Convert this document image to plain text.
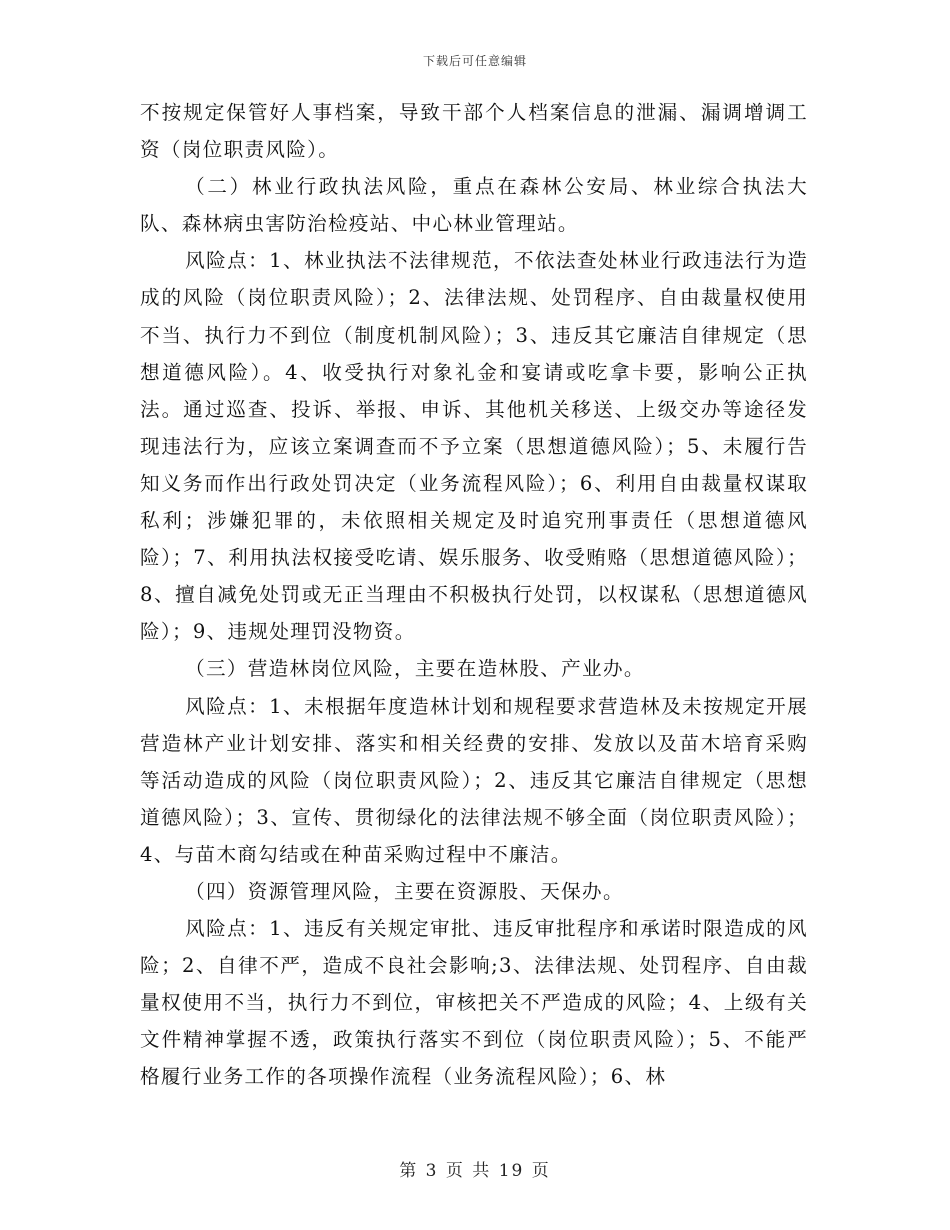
下载后可任意编辑

不按规定保管好人事档案，导致干部个人档案信息的泄漏、漏调增调工资（岗位职责风险）。

（二）林业行政执法风险，重点在森林公安局、林业综合执法大队、森林病虫害防治检疫站、中心林业管理站。

风险点：1、林业执法不法律规范，不依法查处林业行政违法行为造成的风险（岗位职责风险）；2、法律法规、处罚程序、自由裁量权使用不当、执行力不到位（制度机制风险）；3、违反其它廉洁自律规定（思想道德风险）。4、收受执行对象礼金和宴请或吃拿卡要，影响公正执法。通过巡查、投诉、举报、申诉、其他机关移送、上级交办等途径发现违法行为，应该立案调查而不予立案（思想道德风险）；5、未履行告知义务而作出行政处罚决定（业务流程风险）；6、利用自由裁量权谋取私利；涉嫌犯罪的，未依照相关规定及时追究刑事责任（思想道德风险）；7、利用执法权接受吃请、娱乐服务、收受贿赂（思想道德风险）；8、擅自减免处罚或无正当理由不积极执行处罚，以权谋私（思想道德风险）；9、违规处理罚没物资。

（三）营造林岗位风险，主要在造林股、产业办。

风险点：1、未根据年度造林计划和规程要求营造林及未按规定开展营造林产业计划安排、落实和相关经费的安排、发放以及苗木培育采购等活动造成的风险（岗位职责风险）；2、违反其它廉洁自律规定（思想道德风险）；3、宣传、贯彻绿化的法律法规不够全面（岗位职责风险）；4、与苗木商勾结或在种苗采购过程中不廉洁。

（四）资源管理风险，主要在资源股、天保办。

风险点：1、违反有关规定审批、违反审批程序和承诺时限造成的风险；2、自律不严，造成不良社会影响;3、法律法规、处罚程序、自由裁量权使用不当，执行力不到位，审核把关不严造成的风险；4、上级有关文件精神掌握不透，政策执行落实不到位（岗位职责风险）；5、不能严格履行业务工作的各项操作流程（业务流程风险）；6、林

第 3 页 共 19 页
